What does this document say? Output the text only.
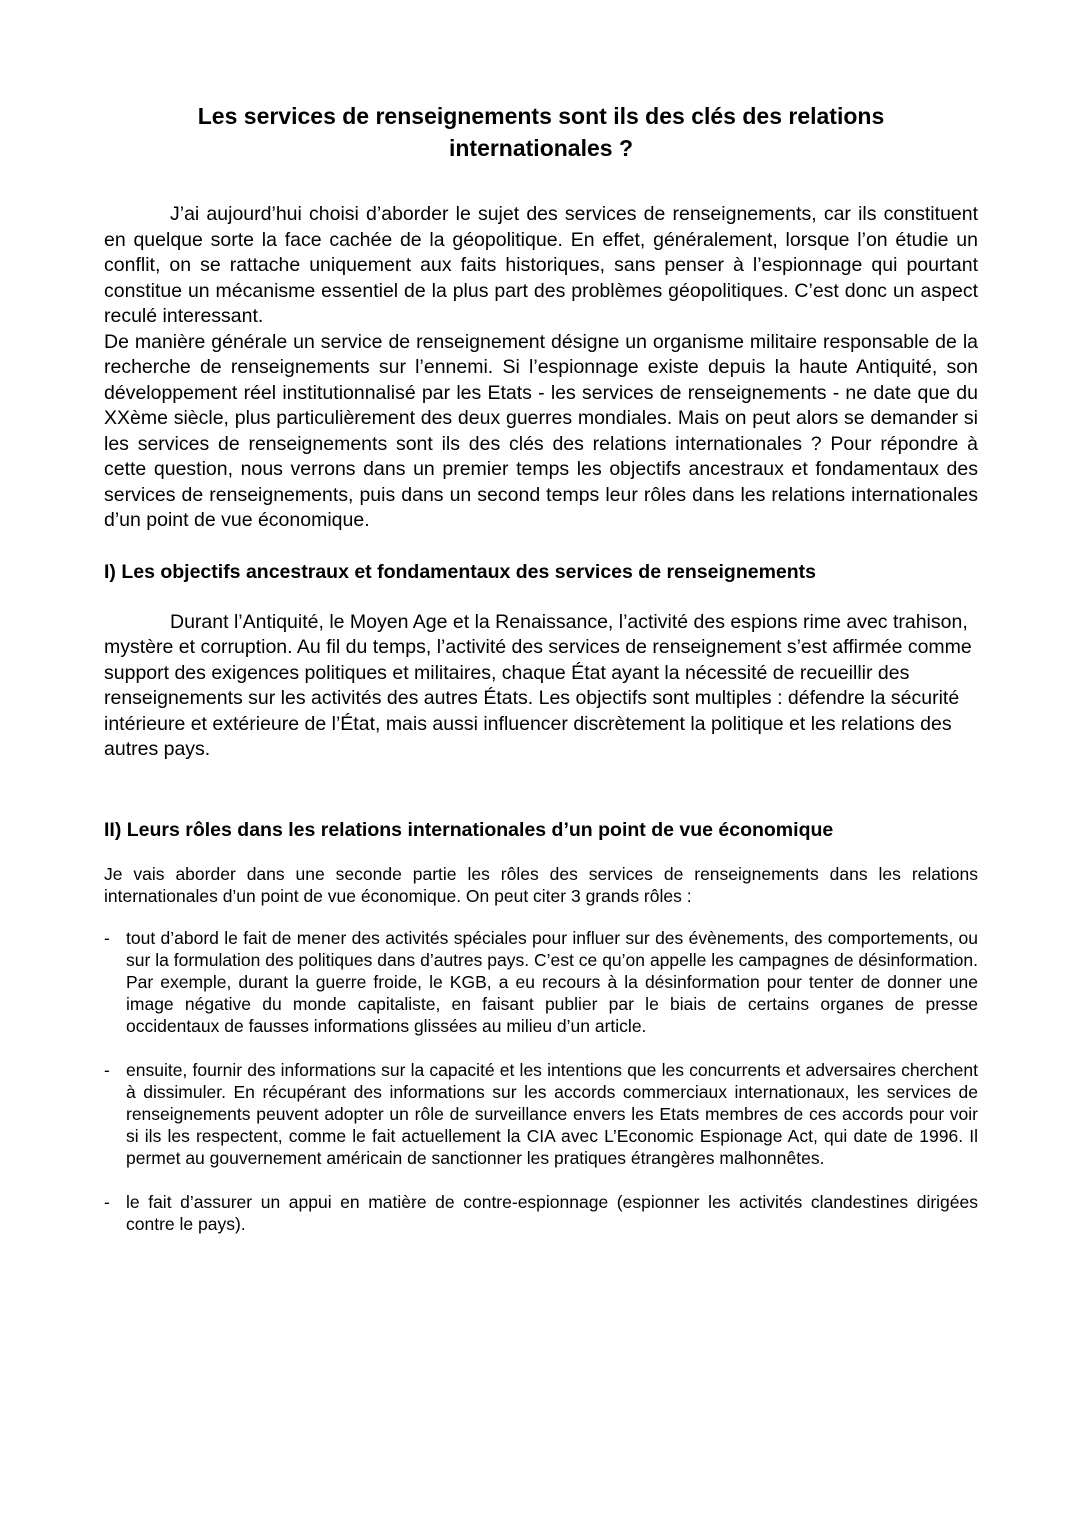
Les services de renseignements sont ils des clés des relations internationales ?

J’ai aujourd’hui choisi d’aborder le sujet des services de renseignements, car ils constituent en quelque sorte la face cachée de la géopolitique. En effet, généralement, lorsque l’on étudie un conflit, on se rattache uniquement aux faits historiques, sans penser à l’espionnage qui pourtant constitue un mécanisme essentiel de la plus part des problèmes géopolitiques. C’est donc un aspect reculé interessant.

De manière générale un service de renseignement désigne un organisme militaire responsable de la recherche de renseignements sur l’ennemi. Si l’espionnage existe depuis la haute Antiquité, son développement réel institutionnalisé par les Etats - les services de renseignements - ne date que du XXème siècle, plus particulièrement des deux guerres mondiales. Mais on peut alors se demander si les services de renseignements sont ils des clés des relations internationales ? Pour répondre à cette question, nous verrons dans un premier temps les objectifs ancestraux et fondamentaux des services de renseignements, puis dans un second temps leur rôles dans les relations internationales d’un point de vue économique.

I) Les objectifs ancestraux et fondamentaux des services de renseignements

Durant l’Antiquité, le Moyen Age et la Renaissance, l’activité des espions rime avec trahison, mystère et corruption. Au fil du temps, l’activité des services de renseignement s’est affirmée comme support des exigences politiques et militaires, chaque État ayant la nécessité de recueillir des renseignements sur les activités des autres États. Les objectifs sont multiples : défendre la sécurité intérieure et extérieure de l’État, mais aussi influencer discrètement la politique et les relations des autres pays.

II) Leurs rôles dans les relations internationales d’un point de vue économique

Je vais aborder dans une seconde partie les rôles des services de renseignements dans les relations internationales d’un point de vue économique. On peut citer 3 grands rôles :

- tout d’abord le fait de mener des activités spéciales pour influer sur des évènements, des comportements, ou sur la formulation des politiques dans d’autres pays. C’est ce qu’on appelle les campagnes de désinformation. Par exemple, durant la guerre froide, le KGB, a eu recours à la désinformation pour tenter de donner une image négative du monde capitaliste, en faisant publier par le biais de certains organes de presse occidentaux de fausses informations glissées au milieu d’un article.
- ensuite, fournir des informations sur la capacité et les intentions que les concurrents et adversaires cherchent à dissimuler. En récupérant des informations sur les accords commerciaux internationaux, les services de renseignements peuvent adopter un rôle de surveillance envers les Etats membres de ces accords pour voir si ils les respectent, comme le fait actuellement la CIA avec L’Economic Espionage Act, qui date de 1996. Il permet au gouvernement américain de sanctionner les pratiques étrangères malhonnêtes.
- le fait d’assurer un appui en matière de contre-espionnage (espionner les activités clandestines dirigées contre le pays).
